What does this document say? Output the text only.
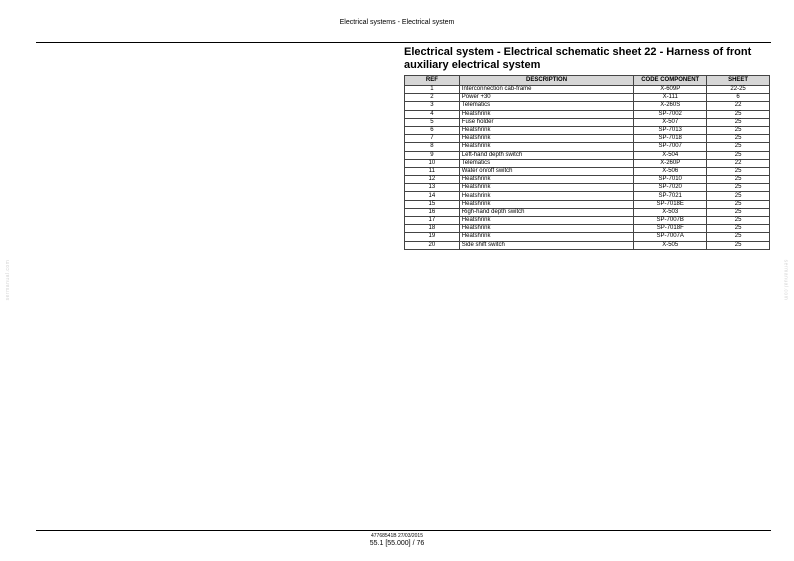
Electrical systems - Electrical system
Electrical system - Electrical schematic sheet 22 - Harness of front auxiliary electrical system
REF	DESCRIPTION	CODE COMPONENT	SHEET
1	Interconnection cab-frame	X-609P	22-25
2	Power +30	X-111	6
3	Telematics	X-260S	22
4	Heatshrink	SP-7002	25
5	Fuse holder	X-507	25
6	Heatshrink	SP-7013	25
7	Heatshrink	SP-7018	25
8	Heatshrink	SP-7007	25
9	Left-hand depth switch	X-504	25
10	Telematics	X-260P	22
11	Water on/off switch	X-506	25
12	Heatshrink	SP-7010	25
13	Heatshrink	SP-7020	25
14	Heatshrink	SP-7021	25
15	Heatshrink	SP-7018E	25
16	Righ-hand depth switch	X-503	25
17	Heatshrink	SP-7007B	25
18	Heatshrink	SP-7018F	25
19	Heatshrink	SP-7007A	25
20	Side shift switch	X-505	25
47768541B 27/03/2015
55.1 [55.000] / 76
sermanual.com	sermanual.com
